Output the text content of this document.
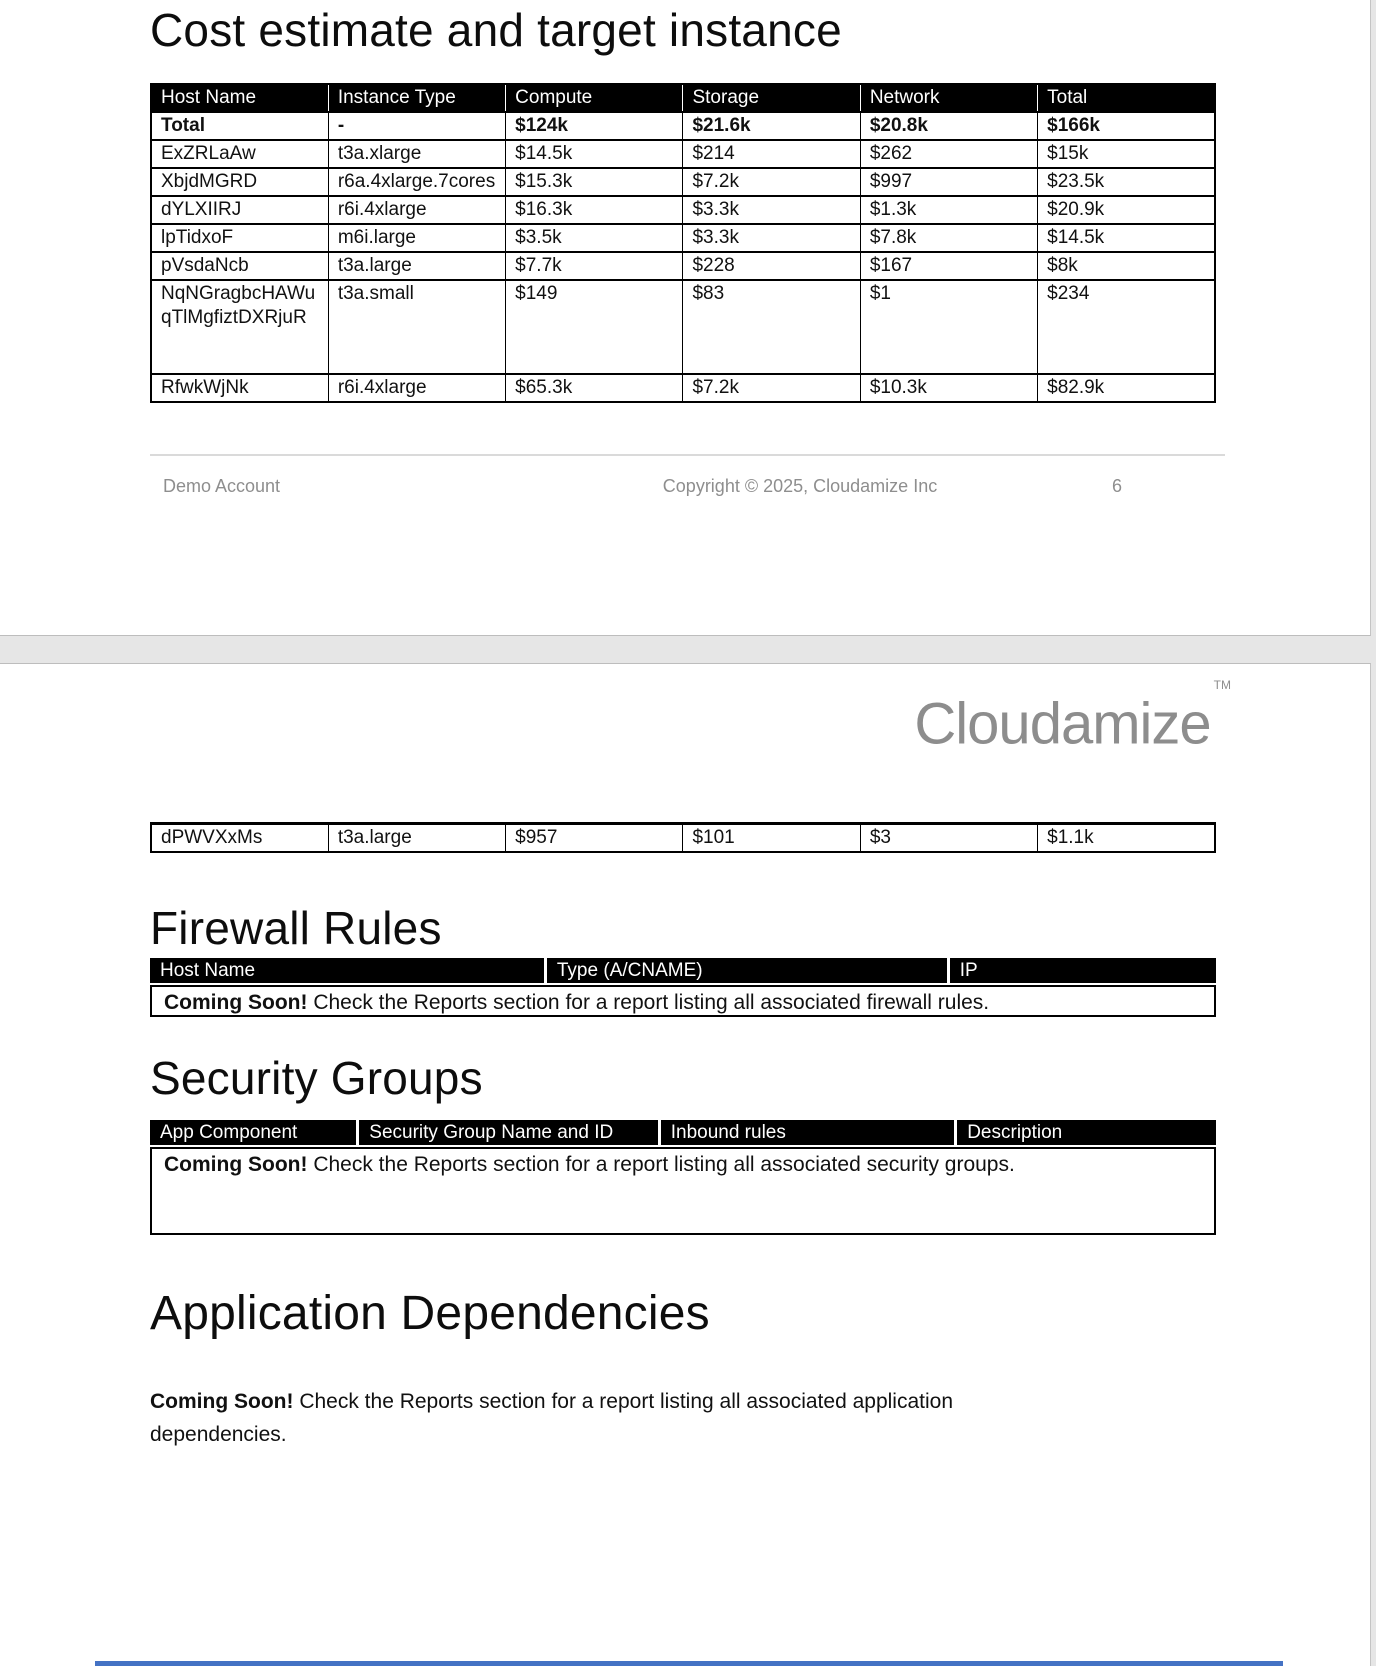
Cost estimate and target instance
Host Name	Instance Type	Compute	Storage	Network	Total
Total	-	$124k	$21.6k	$20.8k	$166k
ExZRLaAw	t3a.xlarge	$14.5k	$214	$262	$15k
XbjdMGRD	r6a.4xlarge.7cores	$15.3k	$7.2k	$997	$23.5k
dYLXIIRJ	r6i.4xlarge	$16.3k	$3.3k	$1.3k	$20.9k
lpTidxoF	m6i.large	$3.5k	$3.3k	$7.8k	$14.5k
pVsdaNcb	t3a.large	$7.7k	$228	$167	$8k
NqNGragbcHAWuqTlMgfiztDXRjuR	t3a.small	$149	$83	$1	$234
RfwkWjNk	r6i.4xlarge	$65.3k	$7.2k	$10.3k	$82.9k
Demo Account	Copyright © 2025, Cloudamize Inc	6
Cloudamize™
dPWVXxMs	t3a.large	$957	$101	$3	$1.1k
Firewall Rules
Host Name	Type (A/CNAME)	IP
Coming Soon! Check the Reports section for a report listing all associated firewall rules.
Security Groups
App Component	Security Group Name and ID	Inbound rules	Description
Coming Soon! Check the Reports section for a report listing all associated security groups.
Application Dependencies

Coming Soon! Check the Reports section for a report listing all associated application dependencies.
